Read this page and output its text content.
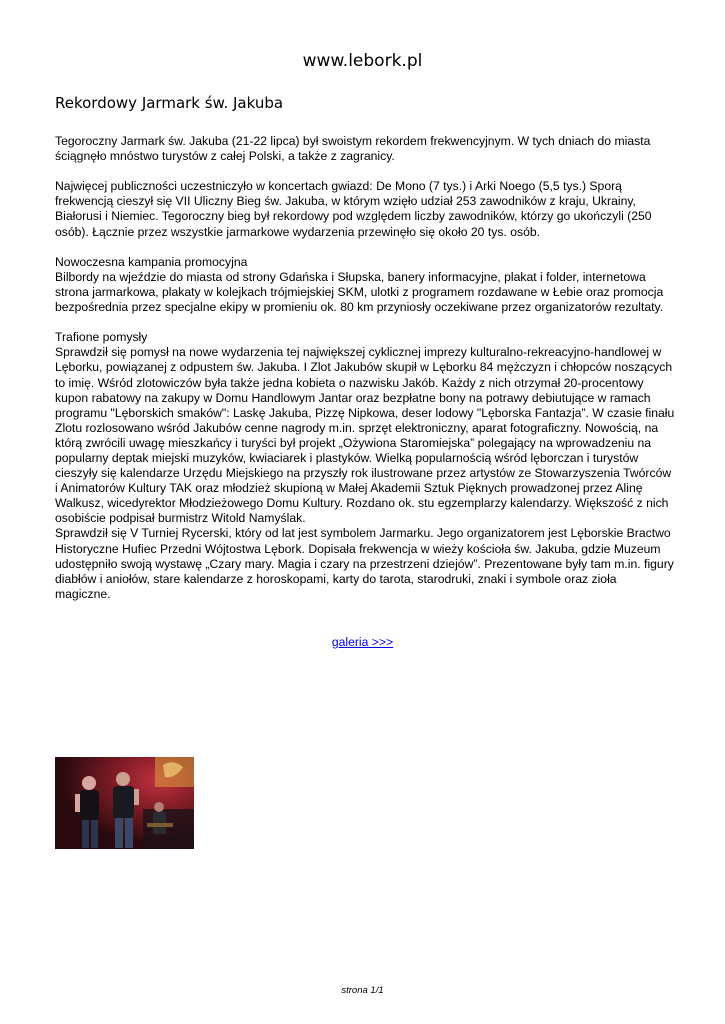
www.lebork.pl
Rekordowy Jarmark św. Jakuba

Tegoroczny Jarmark św. Jakuba (21-22 lipca) był swoistym rekordem frekwencyjnym. W tych dniach do miasta ściągnęło mnóstwo turystów z całej Polski, a także z zagranicy.

Najwięcej publiczności uczestniczyło w koncertach gwiazd: De Mono (7 tys.) i Arki Noego (5,5 tys.) Sporą frekwencją cieszył się VII Uliczny Bieg św. Jakuba, w którym wzięło udział 253 zawodników z kraju, Ukrainy, Białorusi i Niemiec. Tegoroczny bieg był rekordowy pod względem liczby zawodników, którzy go ukończyli (250 osób). Łącznie przez wszystkie jarmarkowe wydarzenia przewinęło się około 20 tys. osób.

Nowoczesna kampania promocyjna

Bilbordy na wjeździe do miasta od strony Gdańska i Słupska, banery informacyjne, plakat i folder, internetowa strona jarmarkowa, plakaty w kolejkach trójmiejskiej SKM, ulotki z programem rozdawane w Łebie oraz promocja bezpośrednia przez specjalne ekipy w promieniu ok. 80 km przyniosły oczekiwane przez organizatorów rezultaty.

Trafione pomysły

Sprawdził się pomysł na nowe wydarzenia tej największej cyklicznej imprezy kulturalno-rekreacyjno-handlowej w Lęborku, powiązanej z odpustem św. Jakuba. I Zlot Jakubów skupił w Lęborku 84 mężczyzn i chłopców noszących to imię. Wśród zlotowiczów była także jedna kobieta o nazwisku Jakób. Każdy z nich otrzymał 20-procentowy kupon rabatowy na zakupy w Domu Handlowym Jantar oraz bezpłatne bony na potrawy debiutujące w ramach programu "Lęborskich smaków": Laskę Jakuba, Pizzę Nipkowa, deser lodowy "Lęborska Fantazja”. W czasie finału Zlotu rozlosowano wśród Jakubów cenne nagrody m.in. sprzęt elektroniczny, aparat fotograficzny. Nowością, na którą zwrócili uwagę mieszkańcy i turyści był projekt „Ożywiona Staromiejska” polegający na wprowadzeniu na popularny deptak miejski muzyków, kwiaciarek i plastyków. Wielką popularnością wśród lęborczan i turystów cieszyły się kalendarze Urzędu Miejskiego na przyszły rok ilustrowane przez artystów ze Stowarzyszenia Twórców i Animatorów Kultury TAK oraz młodzież skupioną w Małej Akademii Sztuk Pięknych prowadzonej przez Alinę Walkusz, wicedyrektor Młodzieżowego Domu Kultury. Rozdano ok. stu egzemplarzy kalendarzy. Większość z nich osobiście podpisał burmistrz Witold Namyślak.

Sprawdził się V Turniej Rycerski, który od lat jest symbolem Jarmarku. Jego organizatorem jest Lęborskie Bractwo Historyczne Hufiec Przedni Wójtostwa Lębork. Dopisała frekwencja w wieży kościoła św. Jakuba, gdzie Muzeum udostępniło swoją wystawę „Czary mary. Magia i czary na przestrzeni dziejów”. Prezentowane były tam m.in. figury diabłów i aniołów, stare kalendarze z horoskopami, karty do tarota, starodruki, znaki i symbole oraz zioła magiczne.

galeria >>>
strona 1/1
